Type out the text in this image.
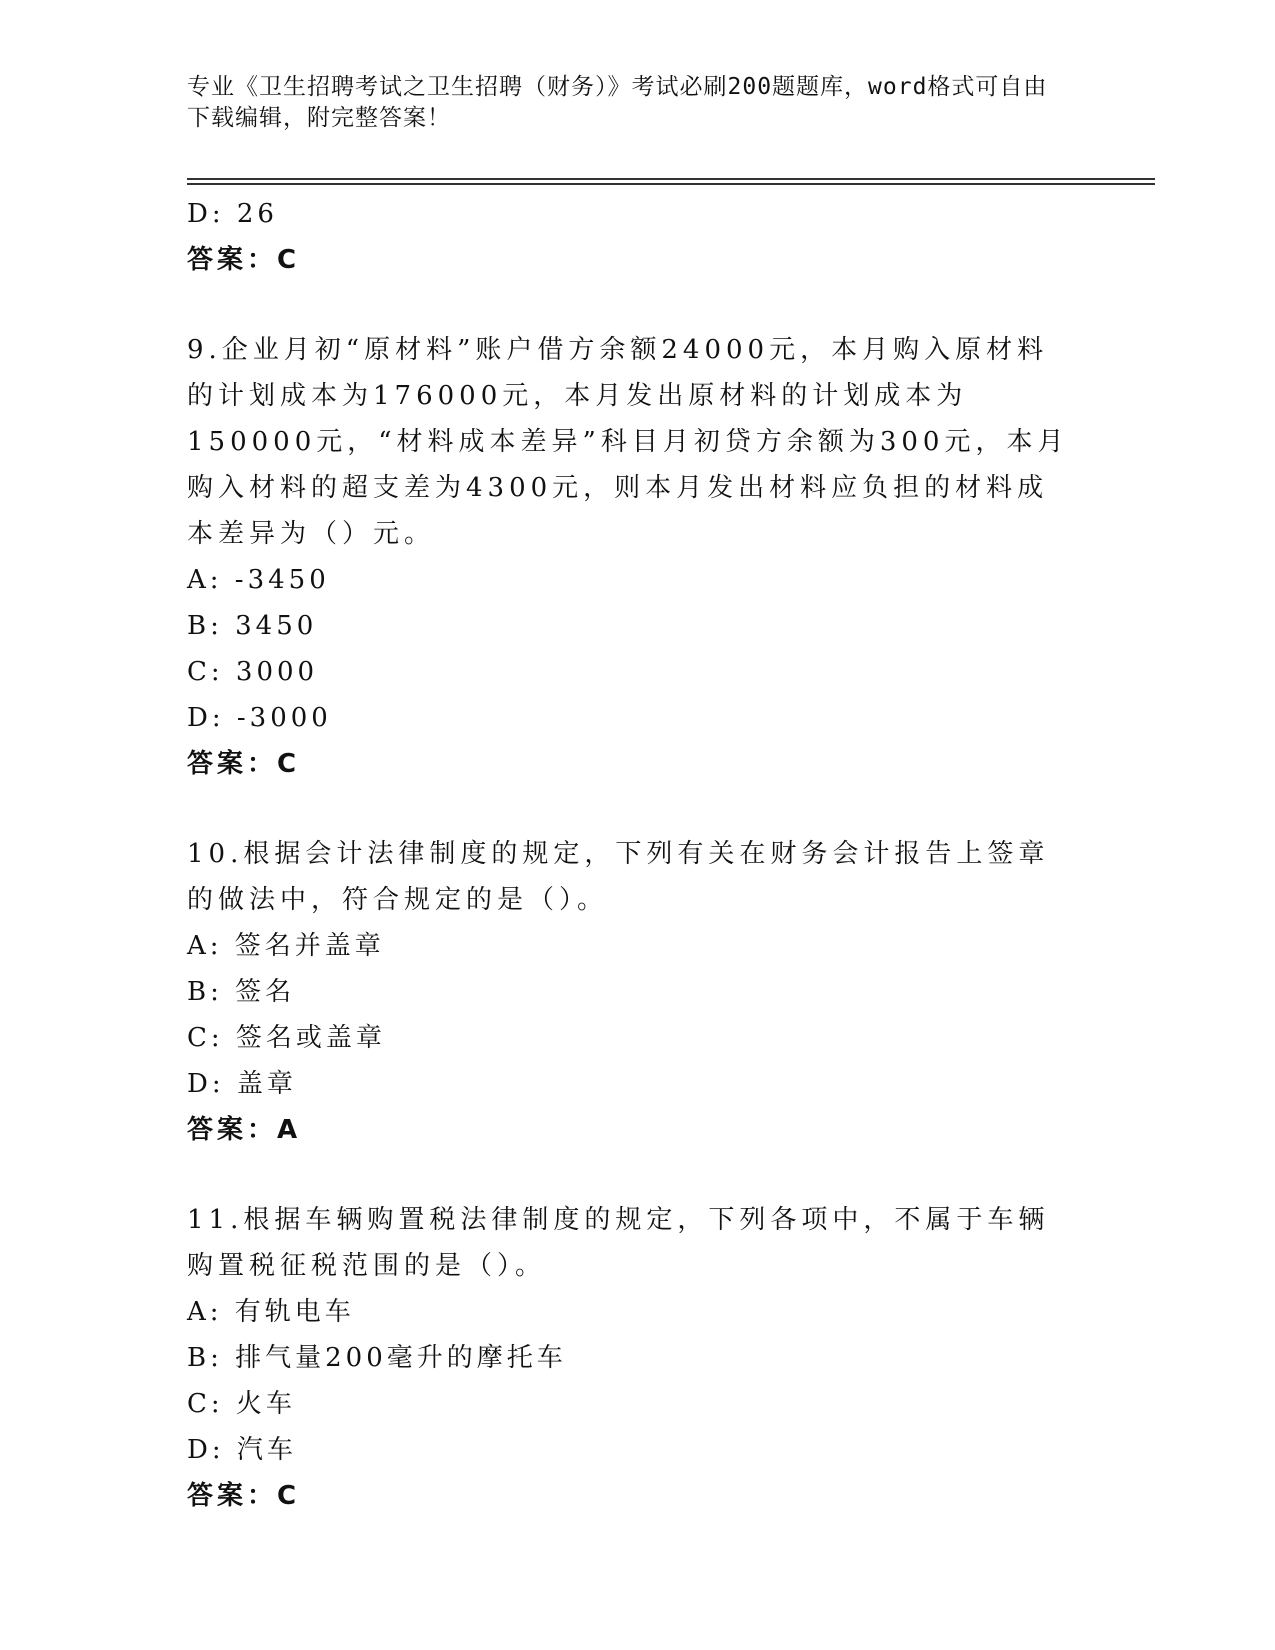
专业《卫生招聘考试之卫生招聘（财务）》考试必刷200题题库，word格式可自由下载编辑，附完整答案！
D: 26
答案：C
9.企业月初“原材料”账户借方余额24000元，本月购入原材料的计划成本为176000元，本月发出原材料的计划成本为150000元，“材料成本差异”科目月初贷方余额为300元，本月购入材料的超支差为4300元，则本月发出材料应负担的材料成本差异为（）元。
A: -3450
B: 3450
C: 3000
D: -3000
答案：C
10.根据会计法律制度的规定，下列有关在财务会计报告上签章的做法中，符合规定的是（）。
A: 签名并盖章
B: 签名
C: 签名或盖章
D: 盖章
答案：A
11.根据车辆购置税法律制度的规定，下列各项中，不属于车辆购置税征税范围的是（）。
A: 有轨电车
B: 排气量200毫升的摩托车
C: 火车
D: 汽车
答案：C
